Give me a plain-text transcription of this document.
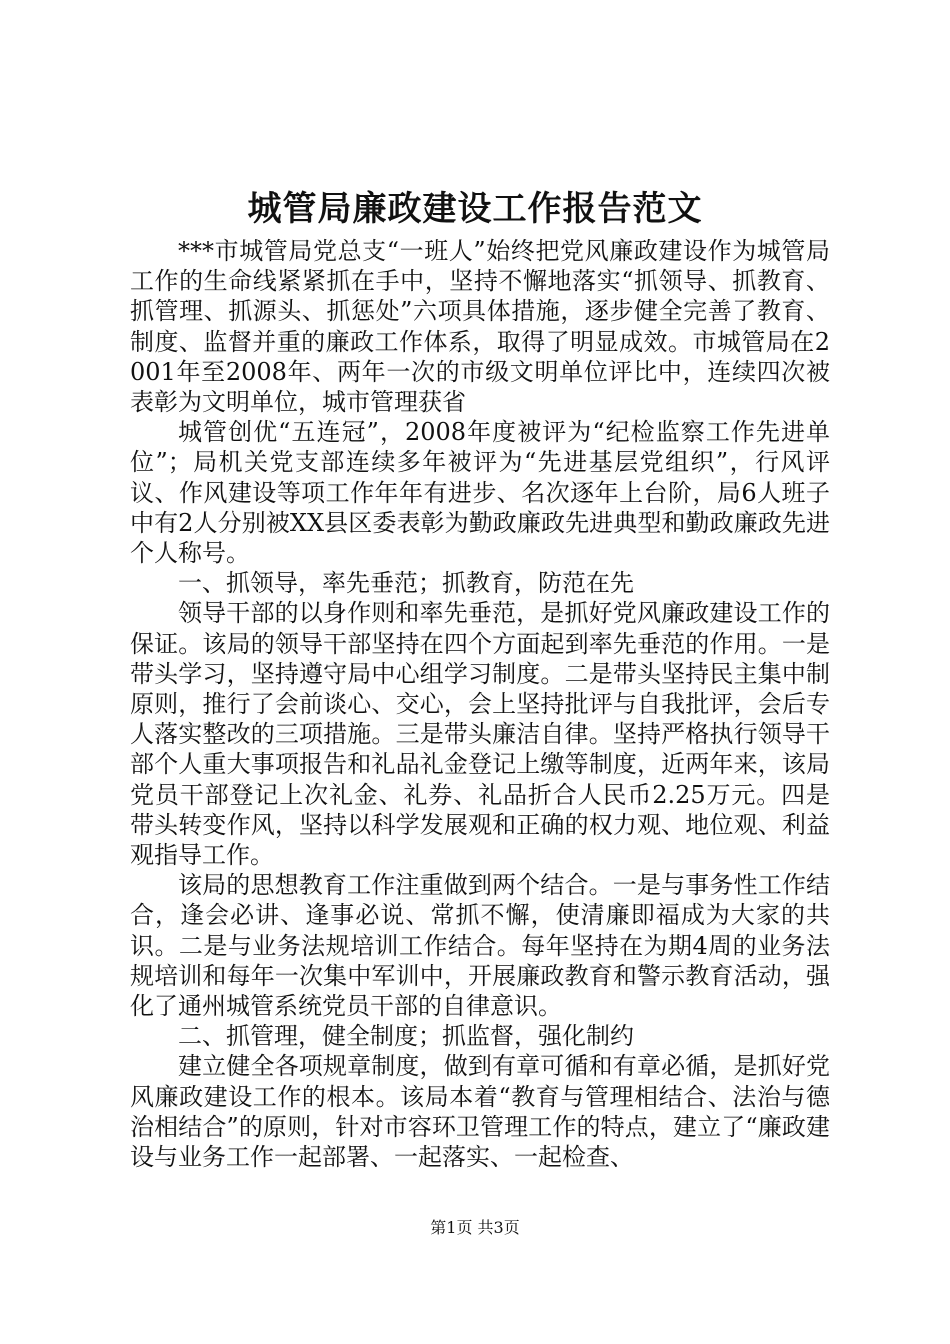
城管局廉政建设工作报告范文

***市城管局党总支“一班人”始终把党风廉政建设作为城管局工作的生命线紧紧抓在手中，坚持不懈地落实“抓领导、抓教育、抓管理、抓源头、抓惩处”六项具体措施，逐步健全完善了教育、制度、监督并重的廉政工作体系，取得了明显成效。市城管局在2001年至2008年、两年一次的市级文明单位评比中，连续四次被表彰为文明单位，城市管理获省

城管创优“五连冠”，2008年度被评为“纪检监察工作先进单位”；局机关党支部连续多年被评为“先进基层党组织”，行风评议、作风建设等项工作年年有进步、名次逐年上台阶，局6人班子中有2人分别被XX县区委表彰为勤政廉政先进典型和勤政廉政先进个人称号。

一、抓领导，率先垂范；抓教育，防范在先

领导干部的以身作则和率先垂范，是抓好党风廉政建设工作的保证。该局的领导干部坚持在四个方面起到率先垂范的作用。一是带头学习，坚持遵守局中心组学习制度。二是带头坚持民主集中制原则，推行了会前谈心、交心，会上坚持批评与自我批评，会后专人落实整改的三项措施。三是带头廉洁自律。坚持严格执行领导干部个人重大事项报告和礼品礼金登记上缴等制度，近两年来，该局党员干部登记上次礼金、礼券、礼品折合人民币2.25万元。四是带头转变作风，坚持以科学发展观和正确的权力观、地位观、利益观指导工作。

该局的思想教育工作注重做到两个结合。一是与事务性工作结合，逢会必讲、逢事必说、常抓不懈，使清廉即福成为大家的共识。二是与业务法规培训工作结合。每年坚持在为期4周的业务法规培训和每年一次集中军训中，开展廉政教育和警示教育活动，强化了通州城管系统党员干部的自律意识。

二、抓管理，健全制度；抓监督，强化制约

建立健全各项规章制度，做到有章可循和有章必循，是抓好党风廉政建设工作的根本。该局本着“教育与管理相结合、法治与德治相结合”的原则，针对市容环卫管理工作的特点，建立了“廉政建设与业务工作一起部署、一起落实、一起检查、

第1页 共3页
